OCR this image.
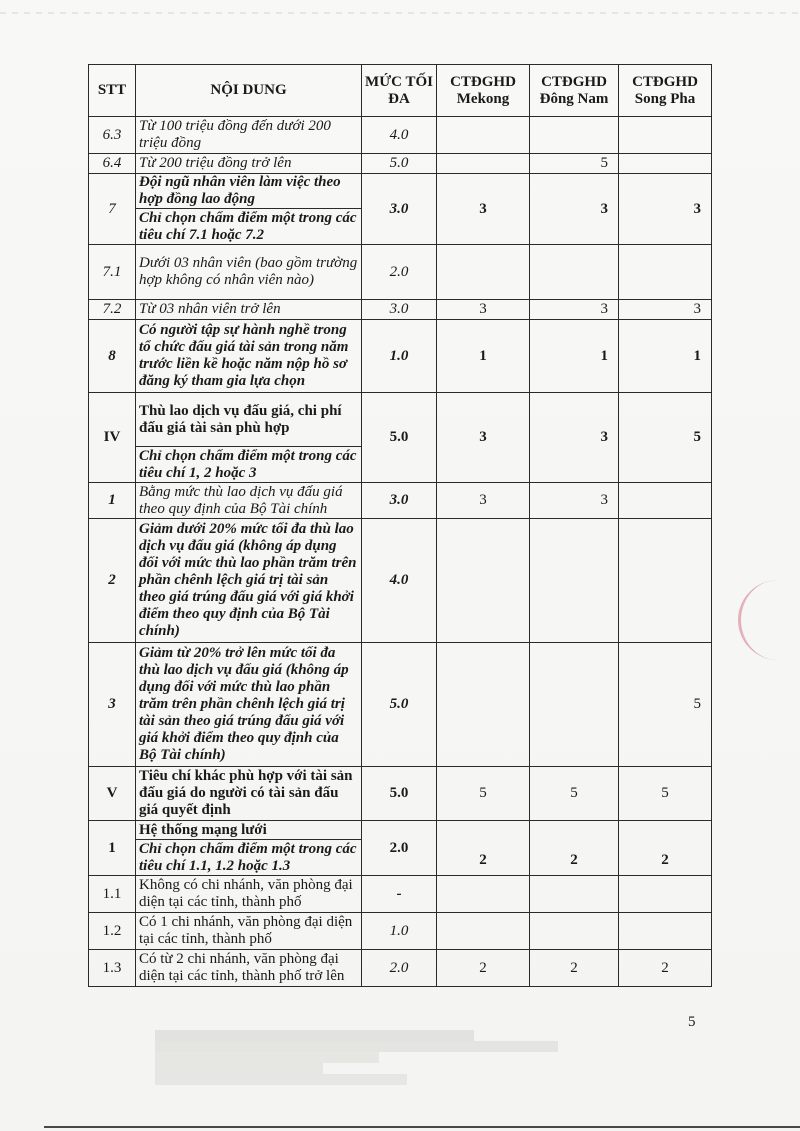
STT	NỘI DUNG	MỨC TỐI ĐA	CTĐGHD Mekong	CTĐGHD Đông Nam	CTĐGHD Song Pha
6.3	Từ 100 triệu đồng đến dưới 200 triệu đồng	4.0			
6.4	Từ 200 triệu đồng trở lên	5.0		5	
7	Đội ngũ nhân viên làm việc theo hợp đồng lao động	3.0	3	3	3
	Chỉ chọn chấm điểm một trong các tiêu chí 7.1 hoặc 7.2				
7.1	Dưới 03 nhân viên (bao gồm trường hợp không có nhân viên nào)	2.0			
7.2	Từ 03 nhân viên trở lên	3.0	3	3	3
8	Có người tập sự hành nghề trong tổ chức đấu giá tài sản trong năm trước liền kề hoặc năm nộp hồ sơ đăng ký tham gia lựa chọn	1.0	1	1	1
IV	Thù lao dịch vụ đấu giá, chi phí đấu giá tài sản phù hợp	5.0	3	3	5
	Chỉ chọn chấm điểm một trong các tiêu chí 1, 2 hoặc 3				
1	Bằng mức thù lao dịch vụ đấu giá theo quy định của Bộ Tài chính	3.0	3	3	
2	Giảm dưới 20% mức tối đa thù lao dịch vụ đấu giá (không áp dụng đối với mức thù lao phần trăm trên phần chênh lệch giá trị tài sản theo giá trúng đấu giá với giá khởi điểm theo quy định của Bộ Tài chính)	4.0			
3	Giảm từ 20% trở lên mức tối đa thù lao dịch vụ đấu giá (không áp dụng đối với mức thù lao phần trăm trên phần chênh lệch giá trị tài sản theo giá trúng đấu giá với giá khởi điểm theo quy định của Bộ Tài chính)	5.0			5
V	Tiêu chí khác phù hợp với tài sản đấu giá do người có tài sản đấu giá quyết định	5.0	5	5	5
1	Hệ thống mạng lưới	2.0	2	2	2
	Chỉ chọn chấm điểm một trong các tiêu chí 1.1, 1.2 hoặc 1.3				
1.1	Không có chi nhánh, văn phòng đại diện tại các tỉnh, thành phố	-			
1.2	Có 1 chi nhánh, văn phòng đại diện tại các tỉnh, thành phố	1.0			
1.3	Có từ 2 chi nhánh, văn phòng đại diện tại các tỉnh, thành phố trở lên	2.0	2	2	2
5
